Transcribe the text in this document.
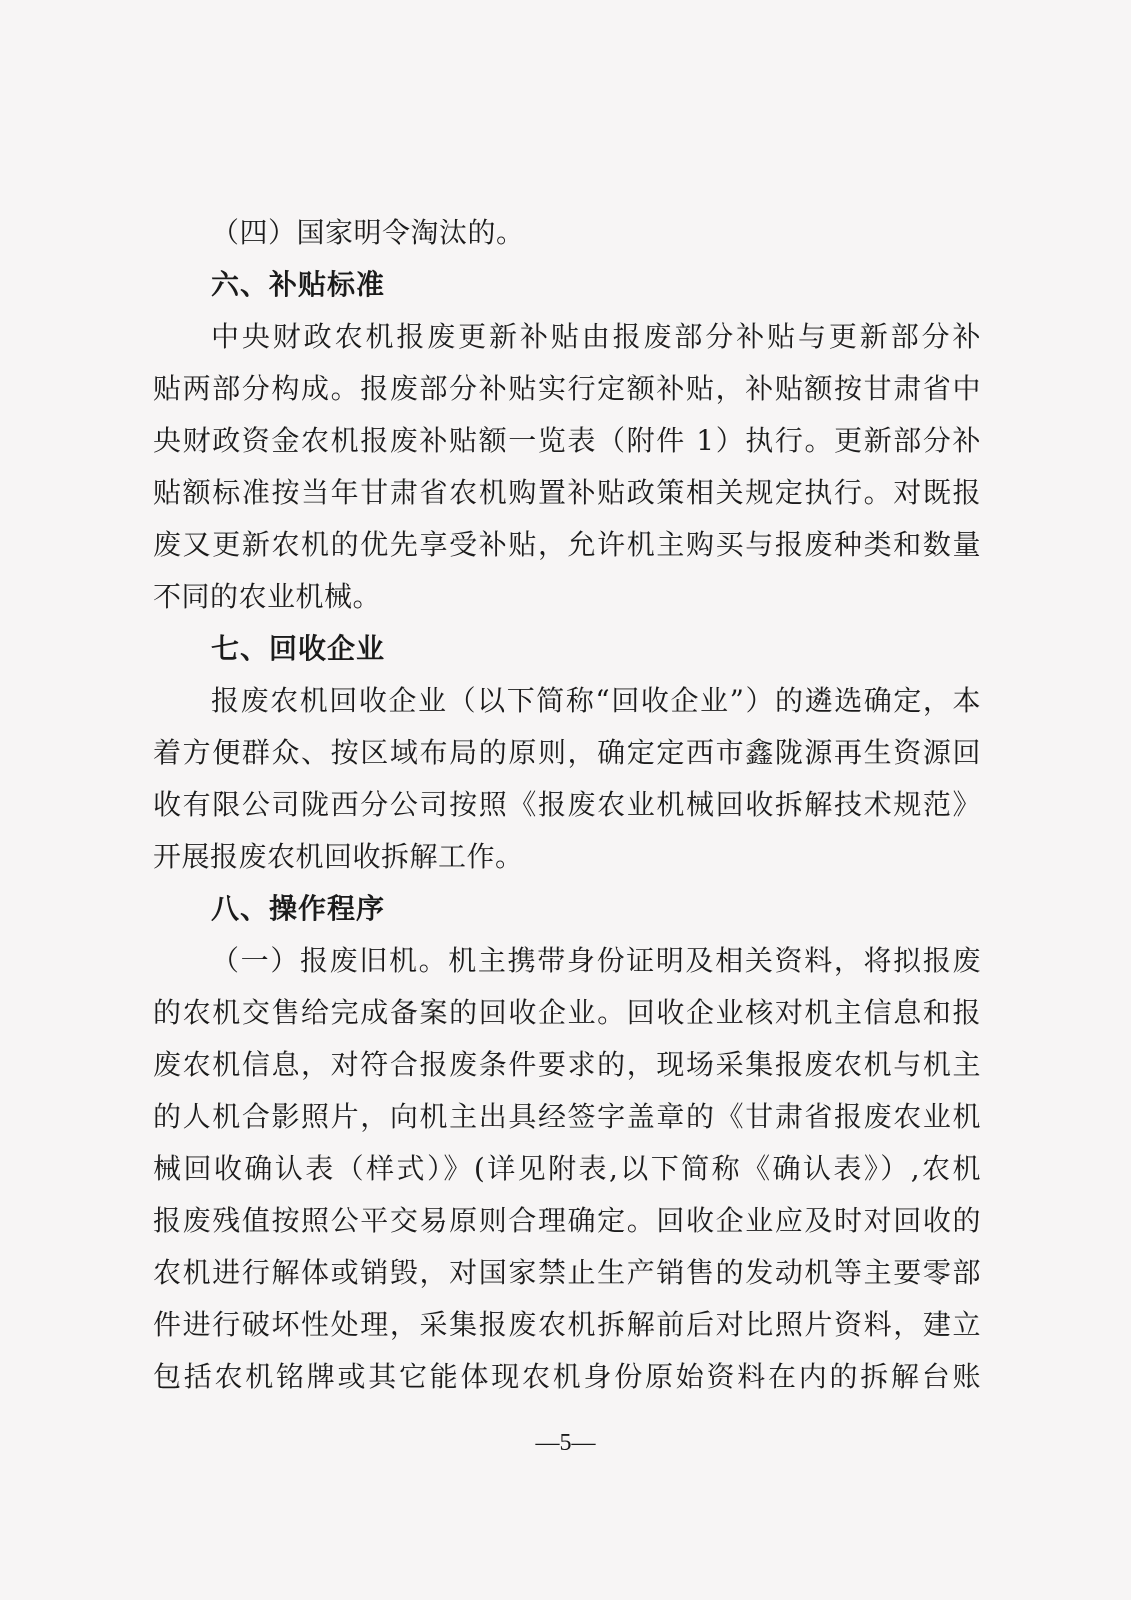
（四）国家明令淘汰的。
六、补贴标准
中央财政农机报废更新补贴由报废部分补贴与更新部分补
贴两部分构成。报废部分补贴实行定额补贴，补贴额按甘肃省中
央财政资金农机报废补贴额一览表（附件 1）执行。更新部分补
贴额标准按当年甘肃省农机购置补贴政策相关规定执行。对既报
废又更新农机的优先享受补贴，允许机主购买与报废种类和数量
不同的农业机械。
七、回收企业
报废农机回收企业（以下简称“回收企业”）的遴选确定，本
着方便群众、按区域布局的原则，确定定西市鑫陇源再生资源回
收有限公司陇西分公司按照《报废农业机械回收拆解技术规范》
开展报废农机回收拆解工作。
八、操作程序
（一）报废旧机。机主携带身份证明及相关资料，将拟报废
的农机交售给完成备案的回收企业。回收企业核对机主信息和报
废农机信息，对符合报废条件要求的，现场采集报废农机与机主
的人机合影照片，向机主出具经签字盖章的《甘肃省报废农业机
械回收确认表（样式）》(详见附表,以下简称《确认表》）,农机
报废残值按照公平交易原则合理确定。回收企业应及时对回收的
农机进行解体或销毁，对国家禁止生产销售的发动机等主要零部
件进行破坏性处理，采集报废农机拆解前后对比照片资料，建立
包括农机铭牌或其它能体现农机身份原始资料在内的拆解台账
—5—
